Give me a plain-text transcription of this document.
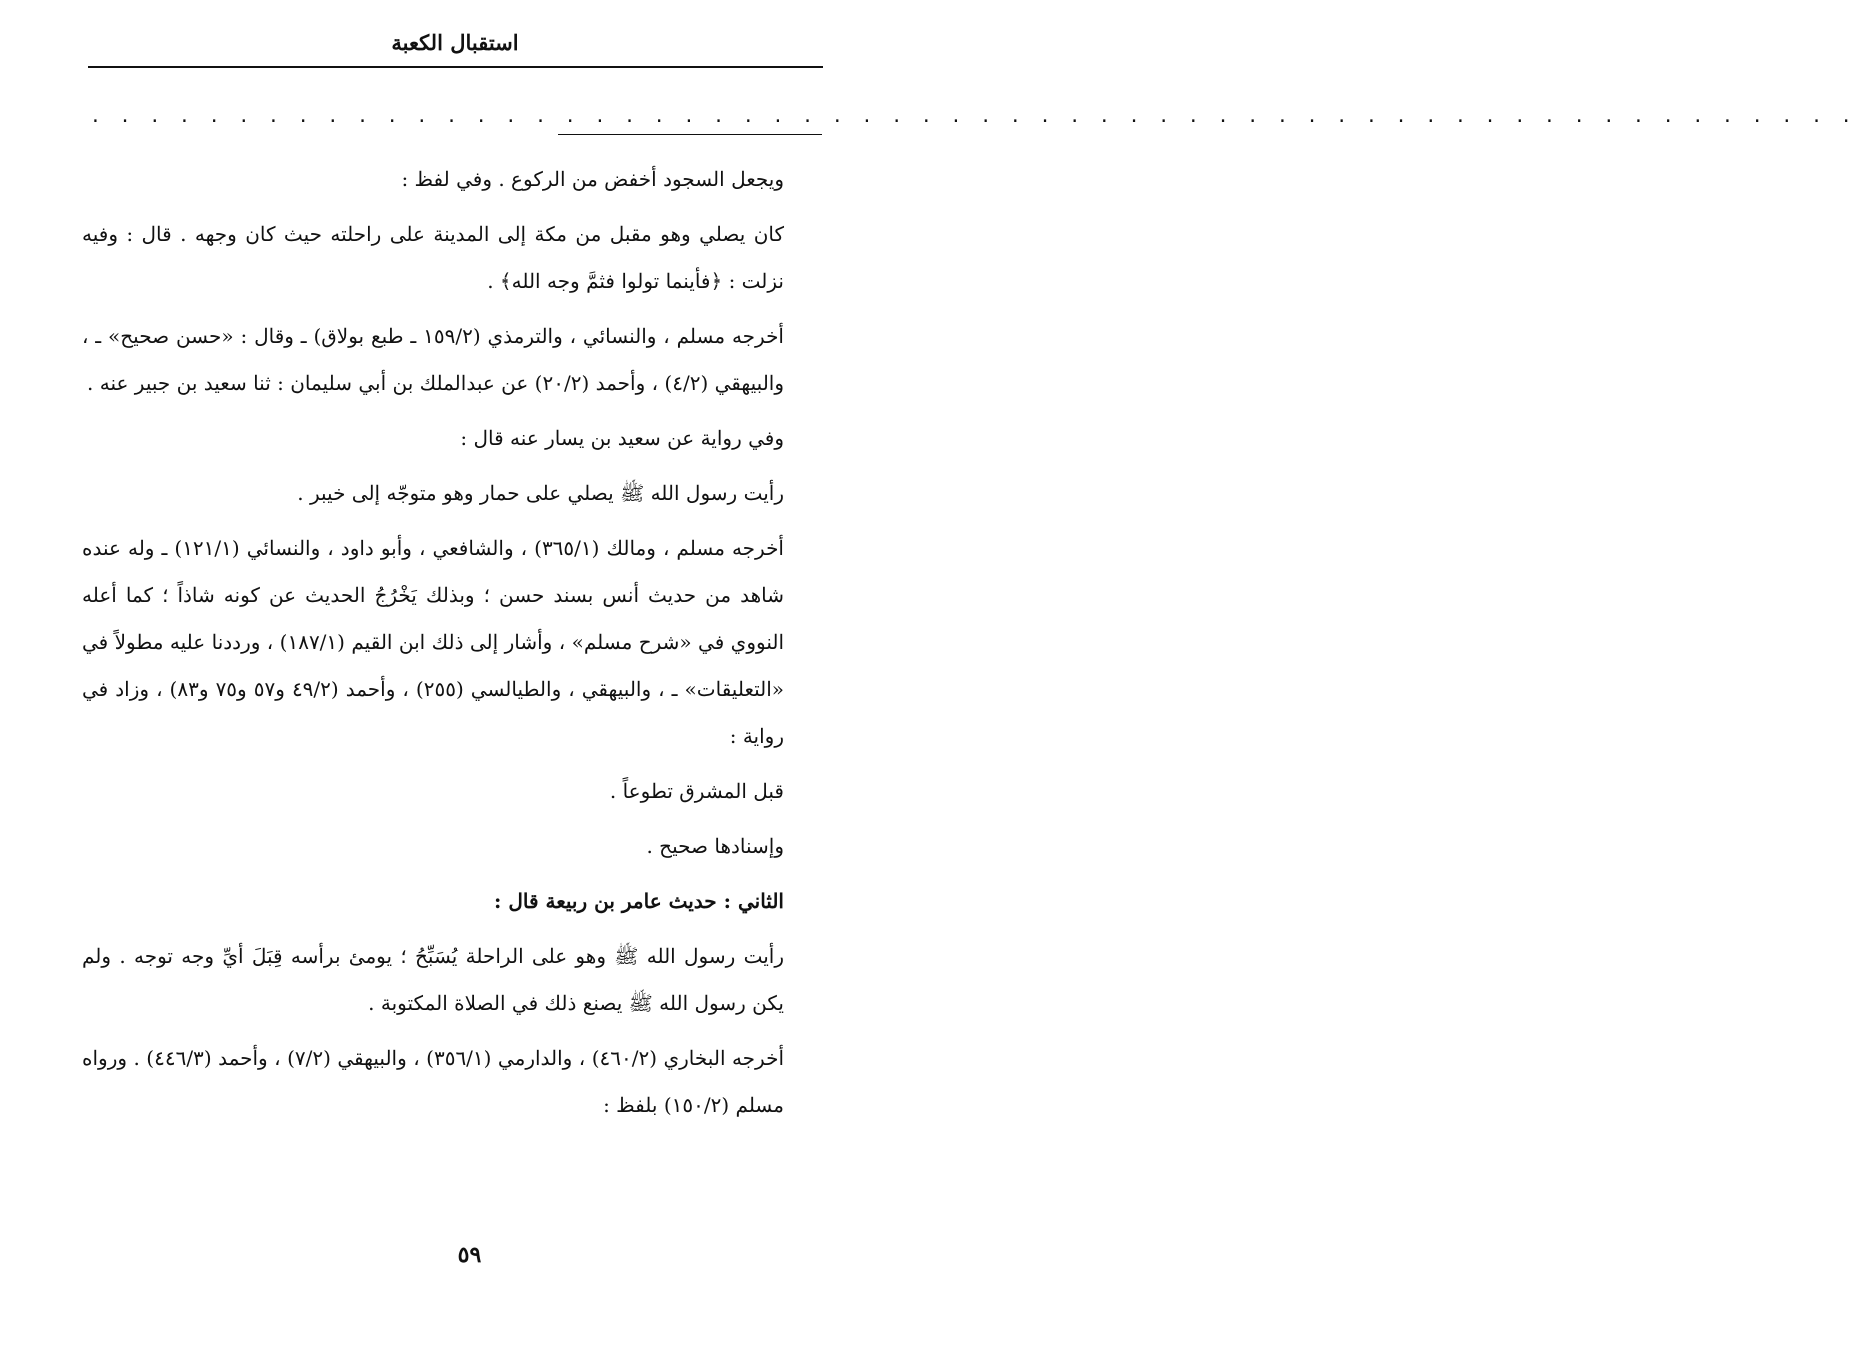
استقبال الكعبة
. . . . . . . . . . . . . . . . . . . . . . . . . . . . . . . . . . . . . . . . . . . . . . . . . . . . . . . . . . . .

ويجعل السجود أخفض من الركوع . وفي لفظ :

كان يصلي وهو مقبل من مكة إلى المدينة على راحلته حيث كان وجهه . قال : وفيه نزلت : ﴿فأينما تولوا فثمَّ وجه الله﴾ .

أخرجه مسلم ، والنسائي ، والترمذي (١٥٩/٢ ـ طبع بولاق) ـ وقال : «حسن صحيح» ـ ، والبيهقي (٤/٢) ، وأحمد (٢٠/٢) عن عبدالملك بن أبي سليمان : ثنا سعيد بن جبير عنه .

وفي رواية عن سعيد بن يسار عنه قال :

رأيت رسول الله ﷺ يصلي على حمار وهو متوجّه إلى خيبر .

أخرجه مسلم ، ومالك (٣٦٥/١) ، والشافعي ، وأبو داود ، والنسائي (١٢١/١) ـ وله عنده شاهد من حديث أنس بسند حسن ؛ وبذلك يَخْرُجُ الحديث عن كونه شاذاً ؛ كما أعله النووي في «شرح مسلم» ، وأشار إلى ذلك ابن القيم (١٨٧/١) ، ورددنا عليه مطولاً في «التعليقات» ـ ، والبيهقي ، والطيالسي (٢٥٥) ، وأحمد (٤٩/٢ و٥٧ و٧٥ و٨٣) ، وزاد في رواية :

قبل المشرق تطوعاً .

وإسنادها صحيح .

الثاني : حديث عامر بن ربيعة قال :

رأيت رسول الله ﷺ وهو على الراحلة يُسَبِّحُ ؛ يومئ برأسه قِبَلَ أيِّ وجه توجه . ولم يكن رسول الله ﷺ يصنع ذلك في الصلاة المكتوبة .

أخرجه البخاري (٤٦٠/٢) ، والدارمي (٣٥٦/١) ، والبيهقي (٧/٢) ، وأحمد (٤٤٦/٣) . ورواه مسلم (١٥٠/٢) بلفظ :

٥٩
